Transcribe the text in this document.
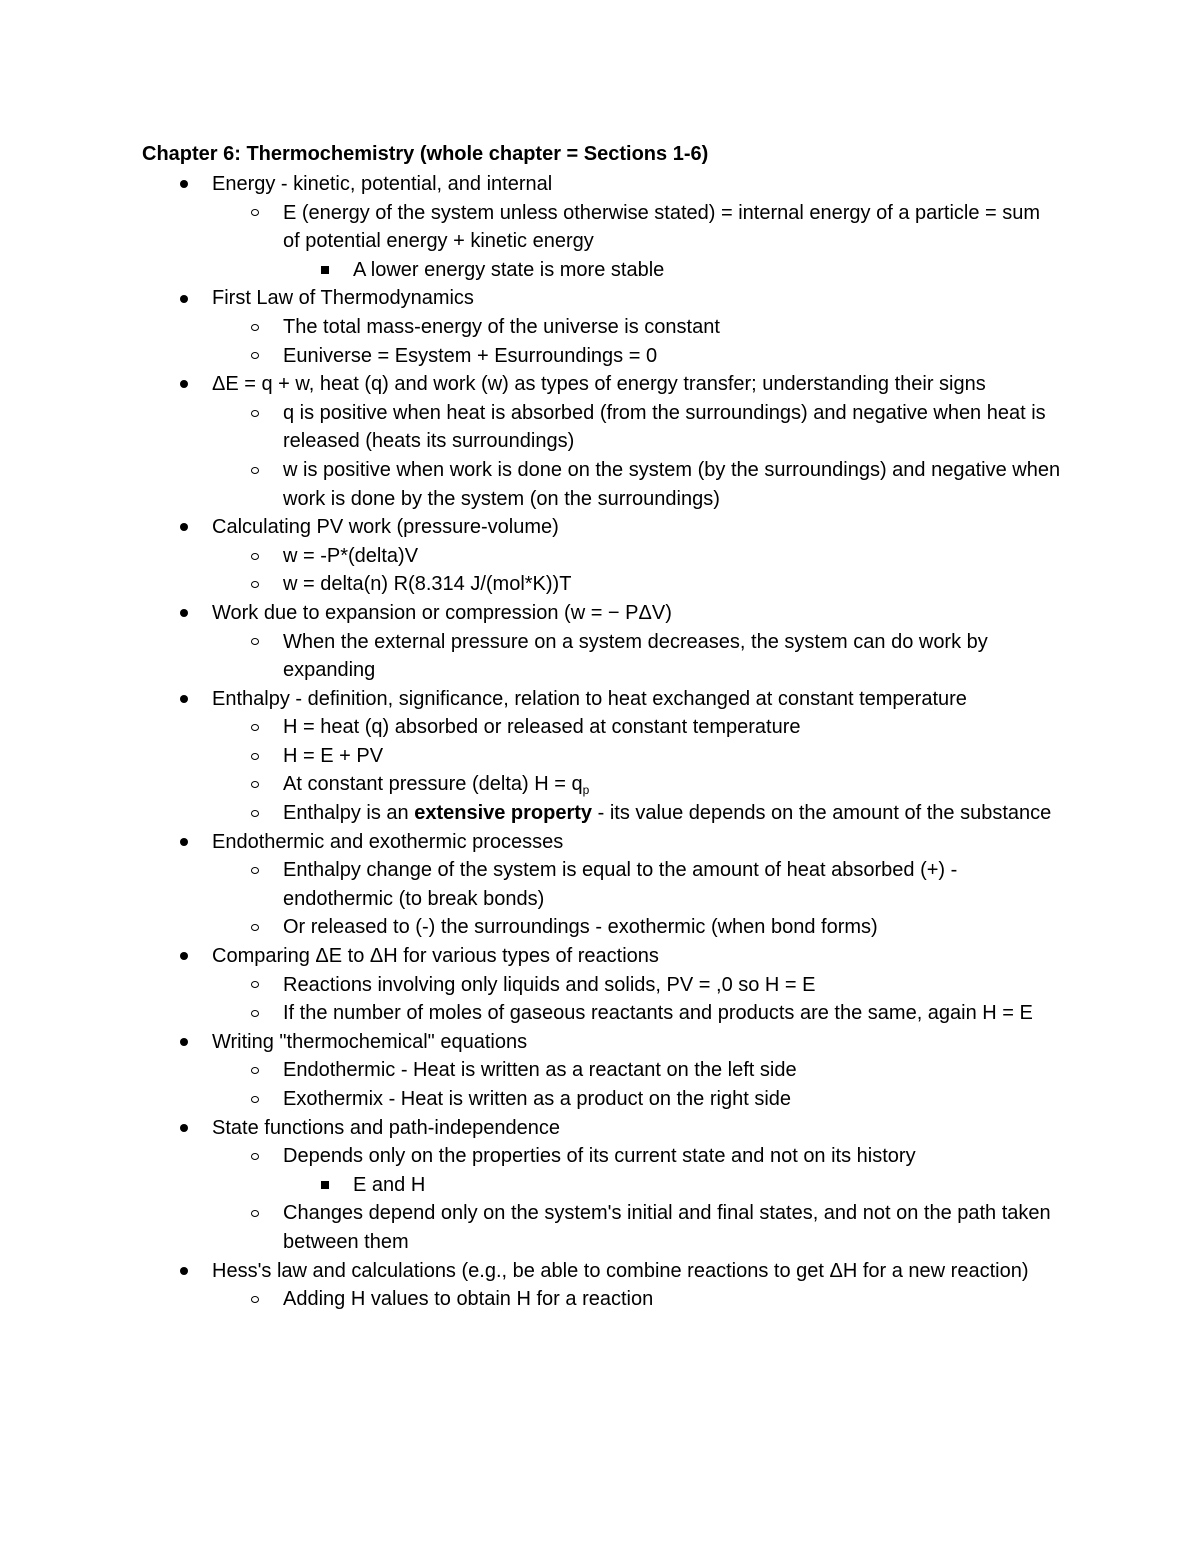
Chapter 6: Thermochemistry (whole chapter = Sections 1-6)
Energy - kinetic, potential, and internal
E (energy of the system unless otherwise stated) = internal energy of a particle = sum of potential energy + kinetic energy
A lower energy state is more stable
First Law of Thermodynamics
The total mass-energy of the universe is constant
Euniverse = Esystem + Esurroundings = 0
ΔE = q + w, heat (q) and work (w) as types of energy transfer; understanding their signs
q is positive when heat is absorbed (from the surroundings) and negative when heat is released (heats its surroundings)
w is positive when work is done on the system (by the surroundings) and negative when work is done by the system (on the surroundings)
Calculating PV work (pressure-volume)
w = -P*(delta)V
w = delta(n) R(8.314 J/(mol*K))T
Work due to expansion or compression (w = − PΔV)
When the external pressure on a system decreases, the system can do work by expanding
Enthalpy - definition, significance, relation to heat exchanged at constant temperature
H = heat (q) absorbed or released at constant temperature
H = E + PV
At constant pressure (delta) $H = q_p$
Enthalpy is an extensive property - its value depends on the amount of the substance
Endothermic and exothermic processes
Enthalpy change of the system is equal to the amount of heat absorbed (+) - endothermic (to break bonds)
Or released to (-) the surroundings - exothermic (when bond forms)
Comparing ΔE to ΔH for various types of reactions
Reactions involving only liquids and solids, PV = ,0 so H = E
If the number of moles of gaseous reactants and products are the same, again H = E
Writing "thermochemical" equations
Endothermic - Heat is written as a reactant on the left side
Exothermix - Heat is written as a product on the right side
State functions and path-independence
Depends only on the properties of its current state and not on its history
E and H
Changes depend only on the system's initial and final states, and not on the path taken between them
Hess's law and calculations (e.g., be able to combine reactions to get ΔH for a new reaction)
Adding H values to obtain H for a reaction
